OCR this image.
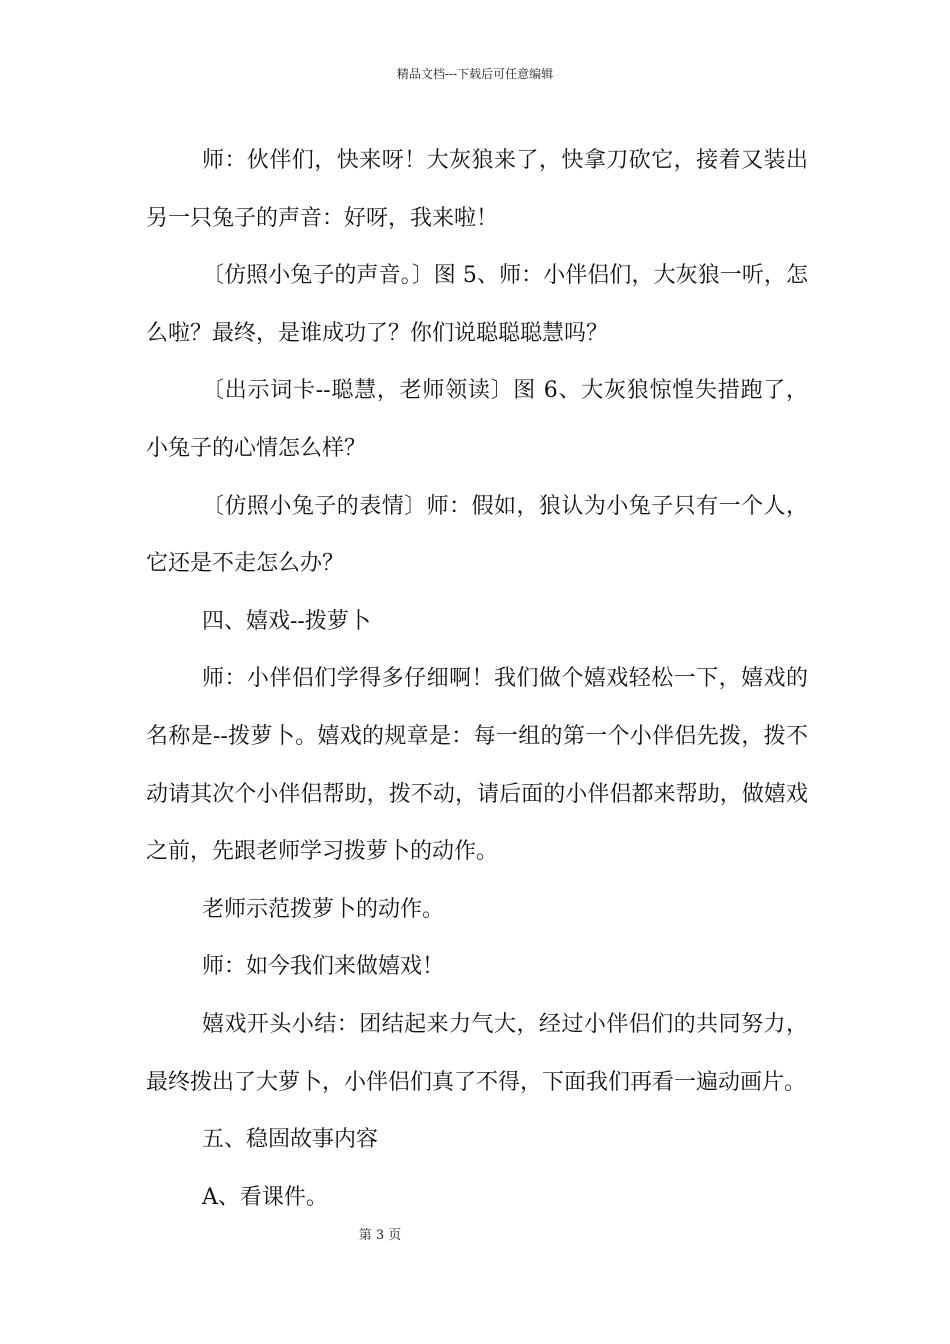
精品文档---下载后可任意编辑

师：伙伴们，快来呀！大灰狼来了，快拿刀砍它，接着又装出另一只兔子的声音：好呀，我来啦！

〔仿照小兔子的声音。〕图 5、师：小伴侣们，大灰狼一听，怎么啦？最终，是谁成功了？你们说聪聪聪慧吗？

〔出示词卡--聪慧，老师领读〕图 6、大灰狼惊惶失措跑了，小兔子的心情怎么样？

〔仿照小兔子的表情〕师：假如，狼认为小兔子只有一个人，它还是不走怎么办？

四、嬉戏--拨萝卜

师：小伴侣们学得多仔细啊！我们做个嬉戏轻松一下，嬉戏的名称是--拨萝卜。嬉戏的规章是：每一组的第一个小伴侣先拨，拨不动请其次个小伴侣帮助，拨不动，请后面的小伴侣都来帮助，做嬉戏之前，先跟老师学习拨萝卜的动作。

老师示范拨萝卜的动作。

师：如今我们来做嬉戏！

嬉戏开头小结：团结起来力气大，经过小伴侣们的共同努力，最终拨出了大萝卜，小伴侣们真了不得，下面我们再看一遍动画片。

五、稳固故事内容

A、看课件。

第 3 页
